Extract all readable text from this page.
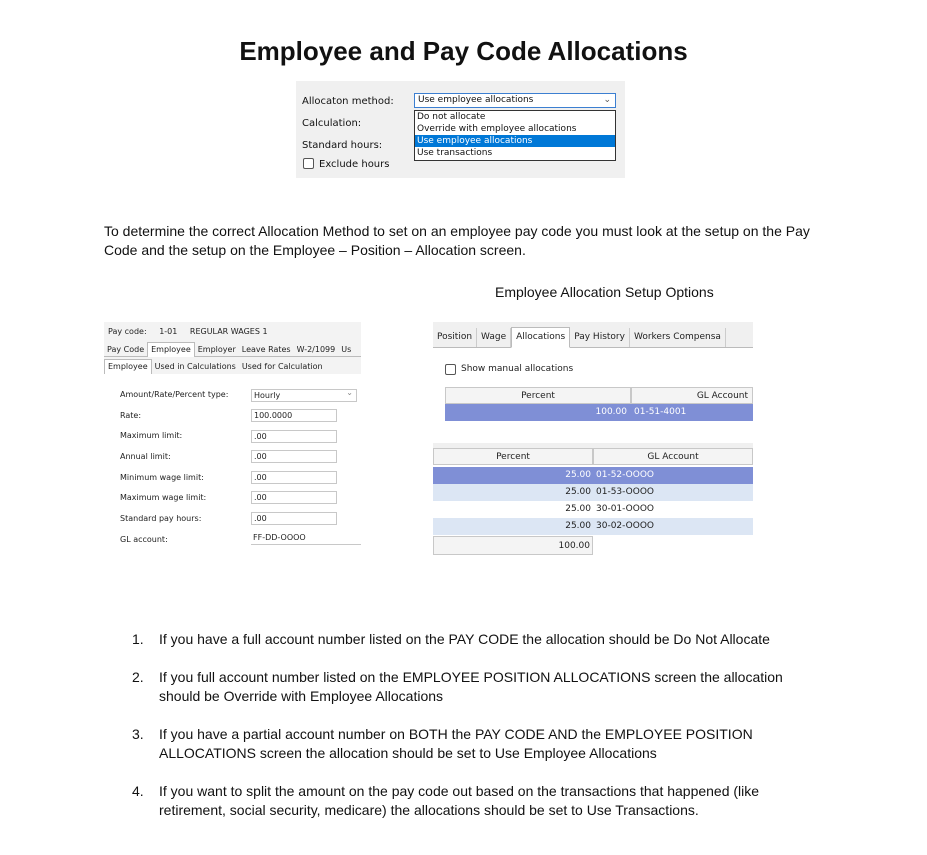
Employee and Pay Code Allocations
Allocaton method:
Calculation:
Standard hours:
Use employee allocations	⌄
Do not allocate
Override with employee allocations
Use employee allocations
Use transactions
Exclude hours
To determine the correct Allocation Method to set on an employee pay code you must look at the setup on the Pay Code and the setup on the Employee – Position – Allocation screen.
Employee Allocation Setup Options
Pay code: 1-01 REGULAR WAGES 1
Pay Code Employee Employer Leave Rates W-2/1099 Us
Employee Used in Calculations Used for Calculation
Amount/Rate/Percent type:	Hourly ⌄
Rate:	100.0000
Maximum limit:	.00
Annual limit:	.00
Minimum wage limit:	.00
Maximum wage limit:	.00
Standard pay hours:	.00
GL account:	FF-DD-OOOO
Position Wage Allocations Pay History Workers Compensa
Show manual allocations
Percent	GL Account
100.00 01-51-4001
Percent	GL Account
25.00 01-52-OOOO
25.00 01-53-OOOO
25.00 30-01-OOOO
25.00 30-02-OOOO
100.00
1. If you have a full account number listed on the PAY CODE the allocation should be Do Not Allocate
2. If you full account number listed on the EMPLOYEE POSITION ALLOCATIONS screen the allocation should be Override with Employee Allocations
3. If you have a partial account number on BOTH the PAY CODE AND the EMPLOYEE POSITION ALLOCATIONS screen the allocation should be set to Use Employee Allocations
4. If you want to split the amount on the pay code out based on the transactions that happened (like retirement, social security, medicare) the allocations should be set to Use Transactions.
